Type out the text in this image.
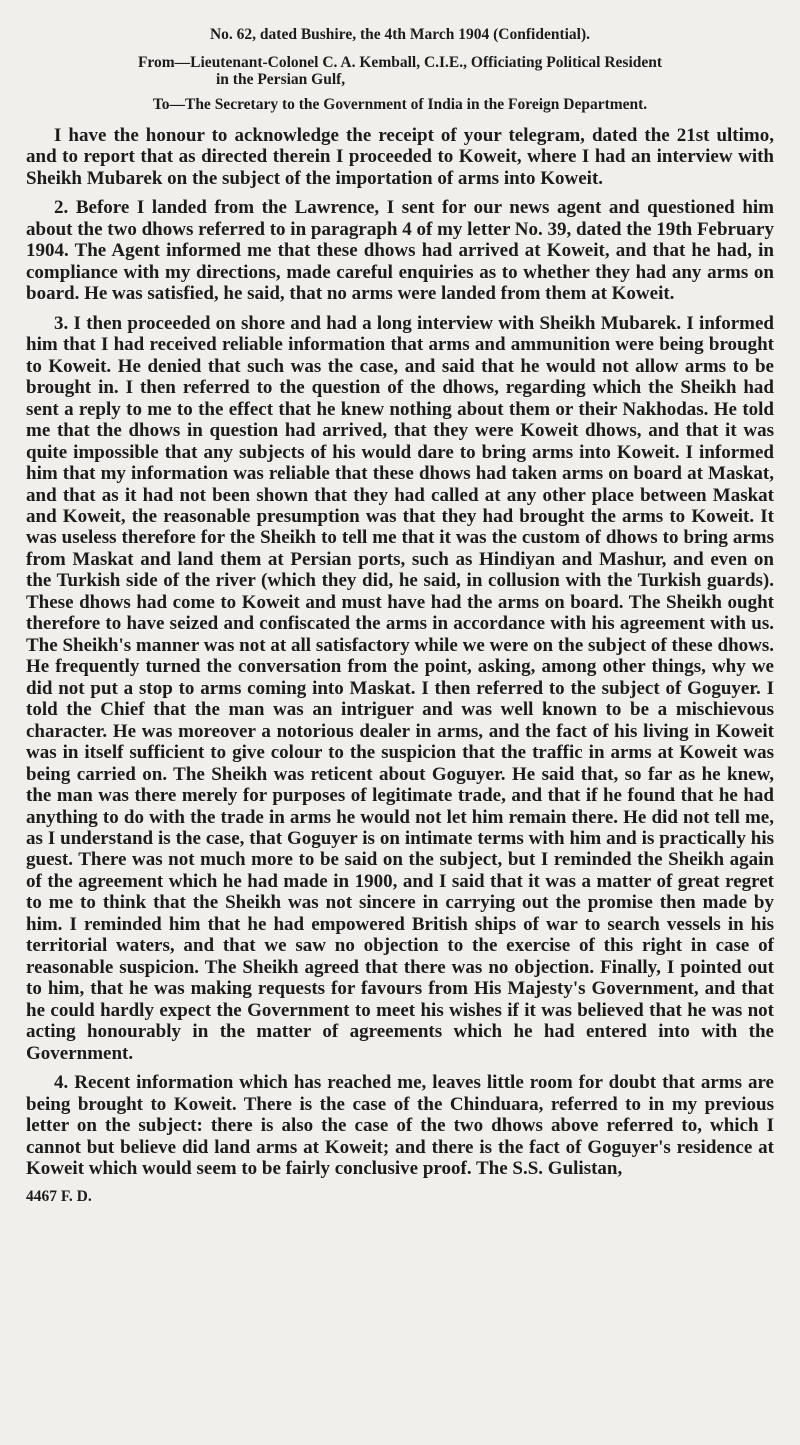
No. 62, dated Bushire, the 4th March 1904 (Confidential).

From—Lieutenant-Colonel C. A. Kemball, C.I.E., Officiating Political Resident
in the Persian Gulf,

To—The Secretary to the Government of India in the Foreign Department.

I have the honour to acknowledge the receipt of your telegram, dated the 21st ultimo, and to report that as directed therein I proceeded to Koweit, where I had an interview with Sheikh Mubarek on the subject of the importation of arms into Koweit.

2. Before I landed from the Lawrence, I sent for our news agent and questioned him about the two dhows referred to in paragraph 4 of my letter No. 39, dated the 19th February 1904. The Agent informed me that these dhows had arrived at Koweit, and that he had, in compliance with my directions, made careful enquiries as to whether they had any arms on board. He was satisfied, he said, that no arms were landed from them at Koweit.

3. I then proceeded on shore and had a long interview with Sheikh Mubarek. I informed him that I had received reliable information that arms and ammunition were being brought to Koweit. He denied that such was the case, and said that he would not allow arms to be brought in. I then referred to the question of the dhows, regarding which the Sheikh had sent a reply to me to the effect that he knew nothing about them or their Nakhodas. He told me that the dhows in question had arrived, that they were Koweit dhows, and that it was quite impossible that any subjects of his would dare to bring arms into Koweit. I informed him that my information was reliable that these dhows had taken arms on board at Maskat, and that as it had not been shown that they had called at any other place between Maskat and Koweit, the reasonable presumption was that they had brought the arms to Koweit. It was useless therefore for the Sheikh to tell me that it was the custom of dhows to bring arms from Maskat and land them at Persian ports, such as Hindiyan and Mashur, and even on the Turkish side of the river (which they did, he said, in collusion with the Turkish guards). These dhows had come to Koweit and must have had the arms on board. The Sheikh ought therefore to have seized and confiscated the arms in accordance with his agreement with us. The Sheikh's manner was not at all satisfactory while we were on the subject of these dhows. He frequently turned the conversation from the point, asking, among other things, why we did not put a stop to arms coming into Maskat. I then referred to the subject of Goguyer. I told the Chief that the man was an intriguer and was well known to be a mischievous character. He was moreover a notorious dealer in arms, and the fact of his living in Koweit was in itself sufficient to give colour to the suspicion that the traffic in arms at Koweit was being carried on. The Sheikh was reticent about Goguyer. He said that, so far as he knew, the man was there merely for purposes of legitimate trade, and that if he found that he had anything to do with the trade in arms he would not let him remain there. He did not tell me, as I understand is the case, that Goguyer is on intimate terms with him and is practically his guest. There was not much more to be said on the subject, but I reminded the Sheikh again of the agreement which he had made in 1900, and I said that it was a matter of great regret to me to think that the Sheikh was not sincere in carrying out the promise then made by him. I reminded him that he had empowered British ships of war to search vessels in his territorial waters, and that we saw no objection to the exercise of this right in case of reasonable suspicion. The Sheikh agreed that there was no objection. Finally, I pointed out to him, that he was making requests for favours from His Majesty's Government, and that he could hardly expect the Government to meet his wishes if it was believed that he was not acting honourably in the matter of agreements which he had entered into with the Government.

4. Recent information which has reached me, leaves little room for doubt that arms are being brought to Koweit. There is the case of the Chinduara, referred to in my previous letter on the subject: there is also the case of the two dhows above referred to, which I cannot but believe did land arms at Koweit; and there is the fact of Goguyer's residence at Koweit which would seem to be fairly conclusive proof. The S.S. Gulistan,

4467 F. D.
